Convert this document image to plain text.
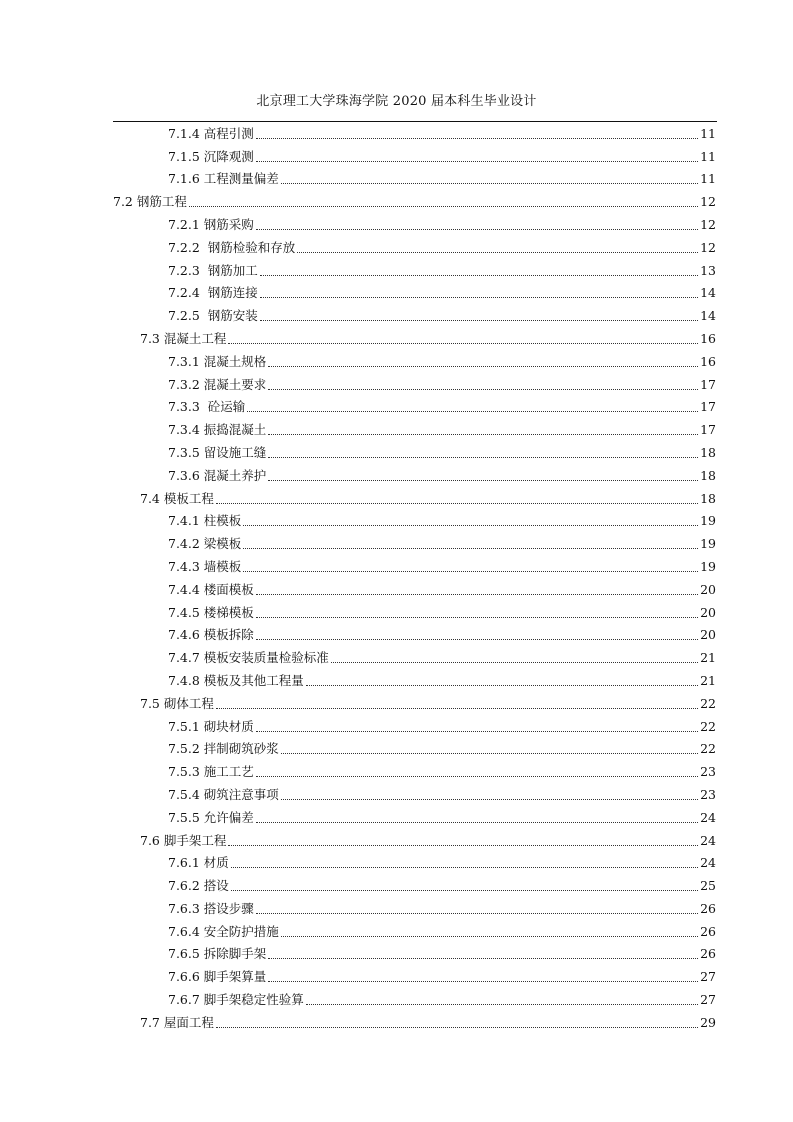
北京理工大学珠海学院 2020 届本科生毕业设计
7.1.4 高程引测	11
7.1.5 沉降观测	11
7.1.6 工程测量偏差	11
7.2 钢筋工程	12
7.2.1 钢筋采购	12
7.2.2  钢筋检验和存放	12
7.2.3  钢筋加工	13
7.2.4  钢筋连接	14
7.2.5  钢筋安装	14
7.3 混凝土工程	16
7.3.1 混凝土规格	16
7.3.2 混凝土要求	17
7.3.3  砼运输	17
7.3.4 振捣混凝土	17
7.3.5 留设施工缝	18
7.3.6 混凝土养护	18
7.4 模板工程	18
7.4.1 柱模板	19
7.4.2 梁模板	19
7.4.3 墙模板	19
7.4.4 楼面模板	20
7.4.5 楼梯模板	20
7.4.6 模板拆除	20
7.4.7 模板安装质量检验标准	21
7.4.8 模板及其他工程量	21
7.5 砌体工程	22
7.5.1 砌块材质	22
7.5.2 拌制砌筑砂浆	22
7.5.3 施工工艺	23
7.5.4 砌筑注意事项	23
7.5.5 允许偏差	24
7.6 脚手架工程	24
7.6.1 材质	24
7.6.2 搭设	25
7.6.3 搭设步骤	26
7.6.4 安全防护措施	26
7.6.5 拆除脚手架	26
7.6.6 脚手架算量	27
7.6.7 脚手架稳定性验算	27
7.7 屋面工程	29
